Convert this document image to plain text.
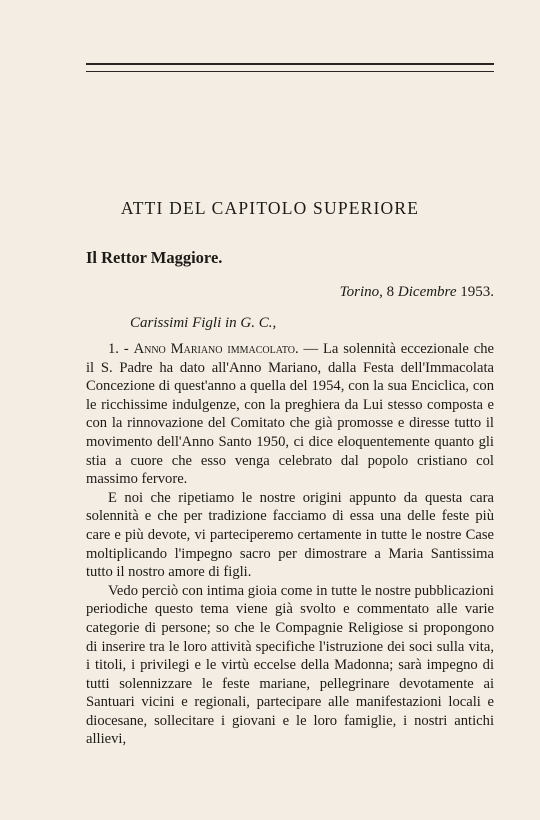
ATTI DEL CAPITOLO SUPERIORE
Il Rettor Maggiore.
Torino, 8 Dicembre 1953.
Carissimi Figli in G. C.,

1. - Anno Mariano immacolato. — La solennità eccezionale che il S. Padre ha dato all'Anno Mariano, dalla Festa dell'Immacolata Concezione di quest'anno a quella del 1954, con la sua Enciclica, con le ricchissime indulgenze, con la preghiera da Lui stesso composta e con la rinnovazione del Comitato che già promosse e diresse tutto il movimento dell'Anno Santo 1950, ci dice eloquentemente quanto gli stia a cuore che esso venga celebrato dal popolo cristiano col massimo fervore.

E noi che ripetiamo le nostre origini appunto da questa cara solennità e che per tradizione facciamo di essa una delle feste più care e più devote, vi parteciperemo certamente in tutte le nostre Case moltiplicando l'impegno sacro per dimostrare a Maria Santissima tutto il nostro amore di figli.

Vedo perciò con intima gioia come in tutte le nostre pubblicazioni periodiche questo tema viene già svolto e commentato alle varie categorie di persone; so che le Compagnie Religiose si propongono di inserire tra le loro attività specifiche l'istruzione dei soci sulla vita, i titoli, i privilegi e le virtù eccelse della Madonna; sarà impegno di tutti solennizzare le feste mariane, pellegrinare devotamente ai Santuari vicini e regionali, partecipare alle manifestazioni locali e diocesane, sollecitare i giovani e le loro famiglie, i nostri antichi allievi,
